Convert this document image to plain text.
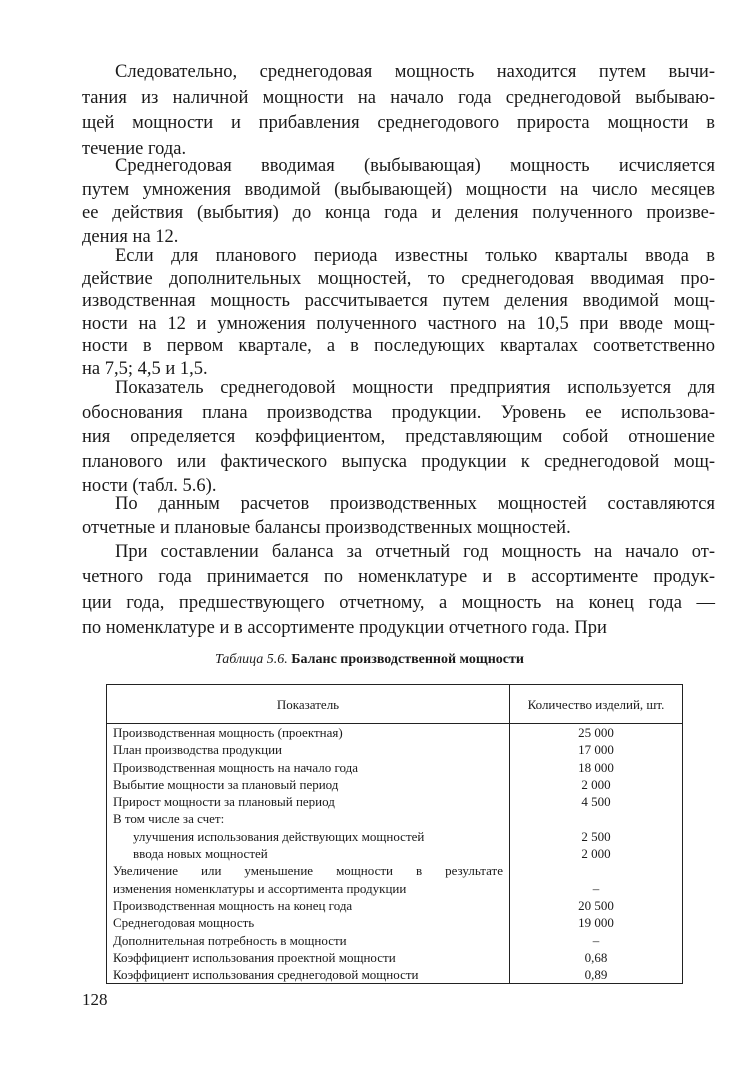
Следовательно, среднегодовая мощность находится путем вычи-
тания из наличной мощности на начало года среднегодовой выбываю-
щей мощности и прибавления среднегодового прироста мощности в
течение года.
Среднегодовая вводимая (выбывающая) мощность исчисляется
путем умножения вводимой (выбывающей) мощности на число месяцев
ее действия (выбытия) до конца года и деления полученного произве-
дения на 12.
Если для планового периода известны только кварталы ввода в
действие дополнительных мощностей, то среднегодовая вводимая про-
изводственная мощность рассчитывается путем деления вводимой мощ-
ности на 12 и умножения полученного частного на 10,5 при вводе мощ-
ности в первом квартале, а в последующих кварталах соответственно
на 7,5; 4,5 и 1,5.
Показатель среднегодовой мощности предприятия используется для
обоснования плана производства продукции. Уровень ее использова-
ния определяется коэффициентом, представляющим собой отношение
планового или фактического выпуска продукции к среднегодовой мощ-
ности (табл. 5.6).
По данным расчетов производственных мощностей составляются
отчетные и плановые балансы производственных мощностей.
При составлении баланса за отчетный год мощность на начало от-
четного года принимается по номенклатуре и в ассортименте продук-
ции года, предшествующего отчетному, а мощность на конец года —
по номенклатуре и в ассортименте продукции отчетного года. При
Таблица 5.6. Баланс производственной мощности
Показатель	Количество изделий, шт.
Производственная мощность (проектная)	25 000
План производства продукции	17 000
Производственная мощность на начало года	18 000
Выбытие мощности за плановый период	2 000
Прирост мощности за плановый период	4 500
В том числе за счет:	
улучшения использования действующих мощностей	2 500
ввода новых мощностей	2 000
Увеличение или уменьшение мощности в результате	
изменения номенклатуры и ассортимента продукции	–
Производственная мощность на конец года	20 500
Среднегодовая мощность	19 000
Дополнительная потребность в мощности	–
Коэффициент использования проектной мощности	0,68
Коэффициент использования среднегодовой мощности	0,89
128
